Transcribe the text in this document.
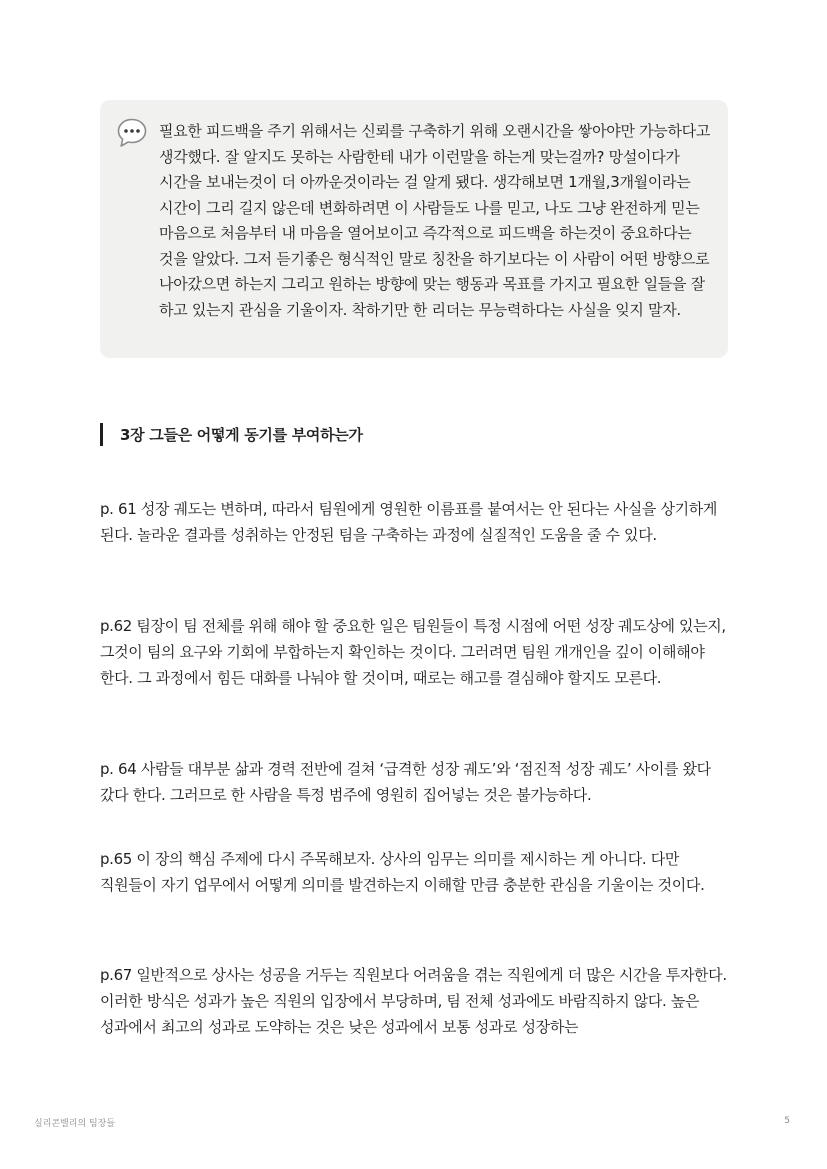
필요한 피드백을 주기 위해서는 신뢰를 구축하기 위해 오랜시간을 쌓아야만 가능하다고 생각했다. 잘 알지도 못하는 사람한테 내가 이런말을 하는게 맞는걸까? 망설이다가 시간을 보내는것이 더 아까운것이라는 걸 알게 됐다. 생각해보면 1개월,3개월이라는 시간이 그리 길지 않은데 변화하려면 이 사람들도 나를 믿고, 나도 그냥 완전하게 믿는 마음으로 처음부터 내 마음을 열어보이고 즉각적으로 피드백을 하는것이 중요하다는 것을 알았다. 그저 듣기좋은 형식적인 말로 칭찬을 하기보다는 이 사람이 어떤 방향으로 나아갔으면 하는지 그리고 원하는 방향에 맞는 행동과 목표를 가지고 필요한 일들을 잘 하고 있는지 관심을 기울이자. 착하기만 한 리더는 무능력하다는 사실을 잊지 말자.

3장 그들은 어떻게 동기를 부여하는가

p. 61 성장 궤도는 변하며, 따라서 팀원에게 영원한 이름표를 붙여서는 안 된다는 사실을 상기하게 된다. 놀라운 결과를 성취하는 안정된 팀을 구축하는 과정에 실질적인 도움을 줄 수 있다.

p.62 팀장이 팀 전체를 위해 해야 할 중요한 일은 팀원들이 특정 시점에 어떤 성장 궤도상에 있는지, 그것이 팀의 요구와 기회에 부합하는지 확인하는 것이다. 그러려면 팀원 개개인을 깊이 이해해야 한다. 그 과정에서 힘든 대화를 나눠야 할 것이며, 때로는 해고를 결심해야 할지도 모른다.

p. 64 사람들 대부분 삶과 경력 전반에 걸쳐 ‘급격한 성장 궤도’와 ‘점진적 성장 궤도’ 사이를 왔다 갔다 한다. 그러므로 한 사람을 특정 범주에 영원히 집어넣는 것은 불가능하다.

p.65 이 장의 핵심 주제에 다시 주목해보자. 상사의 임무는 의미를 제시하는 게 아니다. 다만 직원들이 자기 업무에서 어떻게 의미를 발견하는지 이해할 만큼 충분한 관심을 기울이는 것이다.

p.67 일반적으로 상사는 성공을 거두는 직원보다 어려움을 겪는 직원에게 더 많은 시간을 투자한다. 이러한 방식은 성과가 높은 직원의 입장에서 부당하며, 팀 전체 성과에도 바람직하지 않다. 높은 성과에서 최고의 성과로 도약하는 것은 낮은 성과에서 보통 성과로 성장하는

실리콘밸리의 팀장들	5
